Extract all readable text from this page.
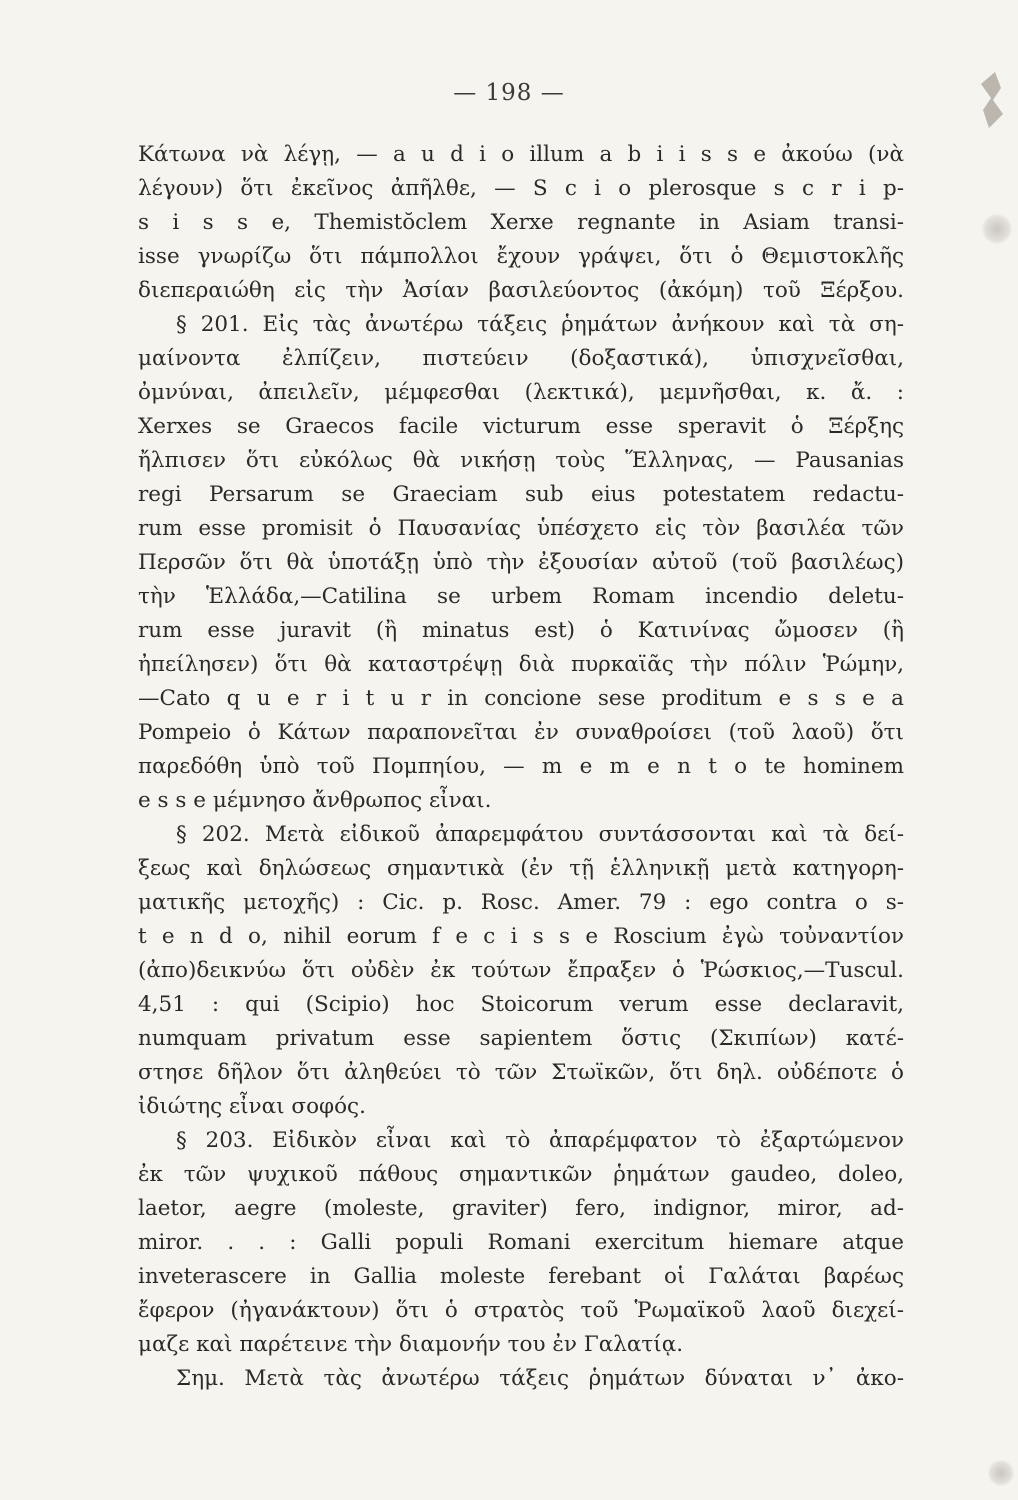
— 198 —
Κάτωνα νὰ λέγῃ, — a u d i o illum a b i i s s e ἀκούω (νὰ
λέγουν) ὅτι ἐκεῖνος ἀπῆλθε, — S c i o plerosque s c r i p-
s i s s e, Themistŏclem Xerxe regnante in Asiam transi-
isse γνωρίζω ὅτι πάμπολλοι ἔχουν γράψει, ὅτι ὁ Θεμιστοκλῆς
διεπεραιώθη εἰς τὴν Ἀσίαν βασιλεύοντος (ἀκόμη) τοῦ Ξέρξου.
§ 201. Εἰς τὰς ἀνωτέρω τάξεις ῥημάτων ἀνήκουν καὶ τὰ ση-
μαίνοντα ἐλπίζειν, πιστεύειν (δοξαστικά), ὑπισχνεῖσθαι,
ὀμνύναι, ἀπειλεῖν, μέμφεσθαι (λεκτικά), μεμνῆσθαι, κ. ἄ. :
Xerxes se Graecos facile victurum esse speravit ὁ Ξέρξης
ἤλπισεν ὅτι εὐκόλως θὰ νικήσῃ τοὺς Ἕλληνας, — Pausanias
regi Persarum se Graeciam sub eius potestatem redactu-
rum esse promisit ὁ Παυσανίας ὑπέσχετο εἰς τὸν βασιλέα τῶν
Περσῶν ὅτι θὰ ὑποτάξῃ ὑπὸ τὴν ἐξουσίαν αὐτοῦ (τοῦ βασιλέως)
τὴν Ἑλλάδα,—Catilina se urbem Romam incendio deletu-
rum esse juravit (ἢ minatus est) ὁ Κατινίνας ὤμοσεν (ἢ
ἠπείλησεν) ὅτι θὰ καταστρέψῃ διὰ πυρκαϊᾶς τὴν πόλιν Ῥώμην,
—Cato q u e r i t u r in concione sese proditum e s s e a
Pompeio ὁ Κάτων παραπονεῖται ἐν συναθροίσει (τοῦ λαοῦ) ὅτι
παρεδόθη ὑπὸ τοῦ Πομπηίου, — m e m e n t o te hominem
e s s e μέμνησο ἄνθρωπος εἶναι.
§ 202. Μετὰ εἰδικοῦ ἀπαρεμφάτου συντάσσονται καὶ τὰ δεί-
ξεως καὶ δηλώσεως σημαντικὰ (ἐν τῇ ἑλληνικῇ μετὰ κατηγορη-
ματικῆς μετοχῆς) : Cic. p. Rosc. Amer. 79 : ego contra o s-
t e n d o, nihil eorum f e c i s s e Roscium ἐγὼ τοὐναντίον
(ἀπο)δεικνύω ὅτι οὐδὲν ἐκ τούτων ἔπραξεν ὁ Ῥώσκιος,—Tuscul.
4,51 : qui (Scipio) hoc Stoicorum verum esse declaravit,
numquam privatum esse sapientem ὅστις (Σκιπίων) κατέ-
στησε δῆλον ὅτι ἀληθεύει τὸ τῶν Στωϊκῶν, ὅτι δηλ. οὐδέποτε ὁ
ἰδιώτης εἶναι σοφός.
§ 203. Εἰδικὸν εἶναι καὶ τὸ ἀπαρέμφατον τὸ ἐξαρτώμενον
ἐκ τῶν ψυχικοῦ πάθους σημαντικῶν ῥημάτων gaudeo, doleo,
laetor, aegre (moleste, graviter) fero, indignor, miror, ad-
miror. . . : Galli populi Romani exercitum hiemare atque
inveterascere in Gallia moleste ferebant οἱ Γαλάται βαρέως
ἔφερον (ἠγανάκτουν) ὅτι ὁ στρατὸς τοῦ Ῥωμαϊκοῦ λαοῦ διεχεί-
μαζε καὶ παρέτεινε τὴν διαμονήν του ἐν Γαλατίᾳ.
Σημ. Μετὰ τὰς ἀνωτέρω τάξεις ῥημάτων δύναται ν᾽ ἀκο-
